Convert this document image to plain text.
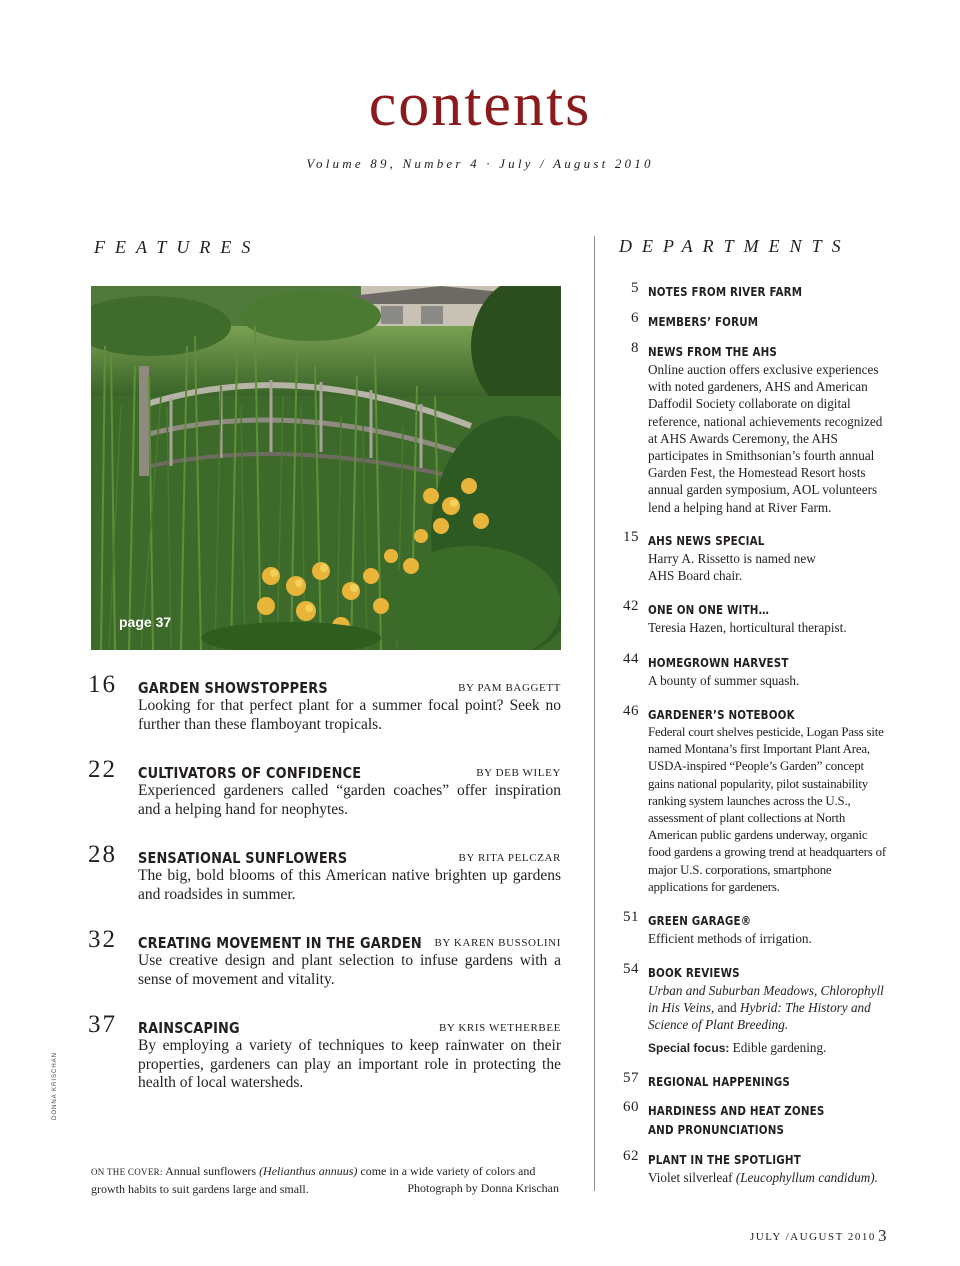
contents
Volume 89, Number 4 · July / August 2010
FEATURES	DEPARTMENTS
page 37
16	GARDEN SHOWSTOPPERS	BY PAM BAGGETT
Looking for that perfect plant for a summer focal point? Seek no further than these flamboyant tropicals.
22	CULTIVATORS OF CONFIDENCE	BY DEB WILEY
Experienced gardeners called “garden coaches” offer inspiration and a helping hand for neophytes.
28	SENSATIONAL SUNFLOWERS	BY RITA PELCZAR
The big, bold blooms of this American native brighten up gardens and roadsides in summer.
32	CREATING MOVEMENT IN THE GARDEN BY KAREN BUSSOLINI
Use creative design and plant selection to infuse gardens with a sense of movement and vitality.
37	RAINSCAPING	BY KRIS WETHERBEE
By employing a variety of techniques to keep rainwater on their properties, gardeners can play an important role in protecting the health of local watersheds.
ON THE COVER: Annual sunflowers (Helianthus annuus) come in a wide variety of colors and growth habits to suit gardens large and small.	Photograph by Donna Krischan
DONNA KRISCHAN
5 NOTES FROM RIVER FARM
6 MEMBERS’ FORUM
8 NEWS FROM THE AHS
Online auction offers exclusive experiences with noted gardeners, AHS and American Daffodil Society collaborate on digital reference, national achievements recognized at AHS Awards Ceremony, the AHS participates in Smithsonian’s fourth annual Garden Fest, the Homestead Resort hosts annual garden symposium, AOL volunteers lend a helping hand at River Farm.
15 AHS NEWS SPECIAL
Harry A. Rissetto is named new AHS Board chair.
42 ONE ON ONE WITH…
Teresia Hazen, horticultural therapist.
44 HOMEGROWN HARVEST
A bounty of summer squash.
46 GARDENER’S NOTEBOOK
Federal court shelves pesticide, Logan Pass site named Montana’s first Important Plant Area, USDA-inspired “People’s Garden” concept gains national popularity, pilot sustainability ranking system launches across the U.S., assessment of plant collections at North American public gardens underway, organic food gardens a growing trend at headquarters of major U.S. corporations, smartphone applications for gardeners.
51 GREEN GARAGE®
Efficient methods of irrigation.
54 BOOK REVIEWS
Urban and Suburban Meadows, Chlorophyll in His Veins, and Hybrid: The History and Science of Plant Breeding.
Special focus: Edible gardening.
57 REGIONAL HAPPENINGS
60 HARDINESS AND HEAT ZONES
AND PRONUNCIATIONS
62 PLANT IN THE SPOTLIGHT
Violet silverleaf (Leucophyllum candidum).
JULY /AUGUST 2010 3
